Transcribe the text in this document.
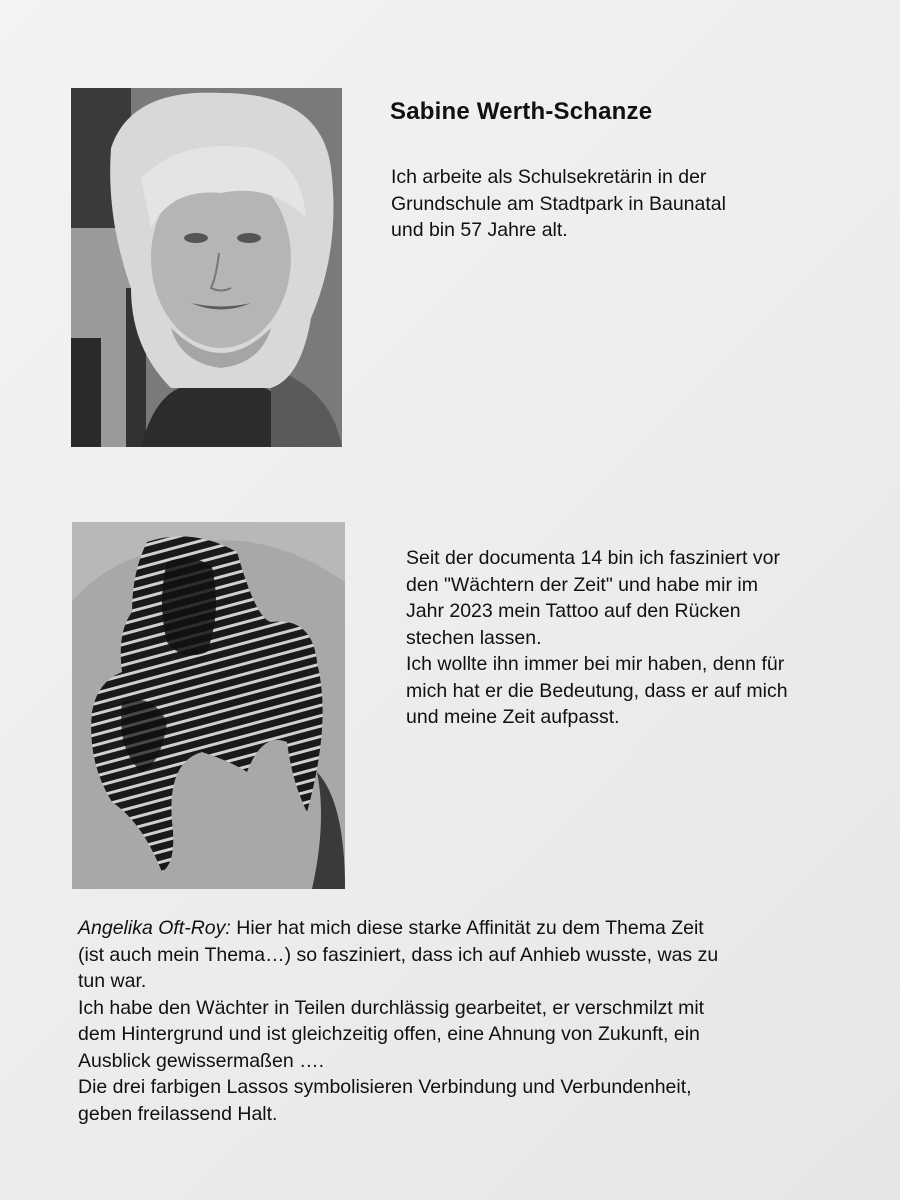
Sabine Werth-Schanze

Ich arbeite als Schulsekretärin in der

Grundschule am Stadtpark in Baunatal

und bin 57 Jahre alt.

Seit der documenta 14 bin ich fasziniert vor

den "Wächtern der Zeit" und habe mir im

Jahr 2023 mein Tattoo auf den Rücken

stechen lassen.

Ich wollte ihn immer bei mir haben, denn für

mich hat er die Bedeutung, dass er auf mich

und meine Zeit aufpasst.

Angelika Oft-Roy: Hier hat mich diese starke Affinität zu dem Thema Zeit

(ist auch mein Thema…) so fasziniert, dass ich auf Anhieb wusste, was zu

tun war.

Ich habe den Wächter in Teilen durchlässig gearbeitet, er verschmilzt mit

dem Hintergrund und ist gleichzeitig offen, eine Ahnung von Zukunft, ein

Ausblick gewissermaßen ….

Die drei farbigen Lassos symbolisieren Verbindung und Verbundenheit,

geben freilassend Halt.
